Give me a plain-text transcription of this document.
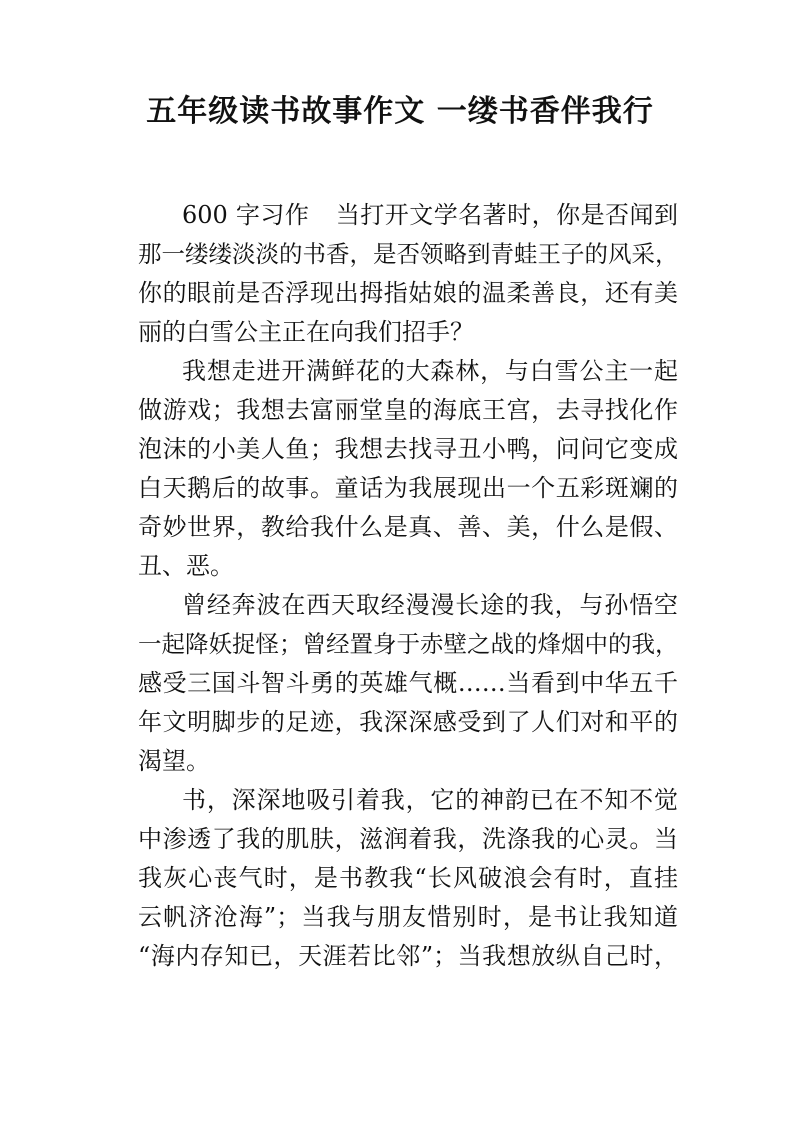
五年级读书故事作文 一缕书香伴我行
600 字习作 当打开文学名著时，你是否闻到
那一缕缕淡淡的书香，是否领略到青蛙王子的风采，
你的眼前是否浮现出拇指姑娘的温柔善良，还有美
丽的白雪公主正在向我们招手？
我想走进开满鲜花的大森林，与白雪公主一起
做游戏；我想去富丽堂皇的海底王宫，去寻找化作
泡沫的小美人鱼；我想去找寻丑小鸭，问问它变成
白天鹅后的故事。童话为我展现出一个五彩斑斓的
奇妙世界，教给我什么是真、善、美，什么是假、
丑、恶。
曾经奔波在西天取经漫漫长途的我，与孙悟空
一起降妖捉怪；曾经置身于赤壁之战的烽烟中的我，
感受三国斗智斗勇的英雄气概……当看到中华五千
年文明脚步的足迹，我深深感受到了人们对和平的
渴望。
书，深深地吸引着我，它的神韵已在不知不觉
中渗透了我的肌肤，滋润着我，洗涤我的心灵。当
我灰心丧气时，是书教我“长风破浪会有时，直挂
云帆济沧海”；当我与朋友惜别时，是书让我知道
“海内存知已，天涯若比邻”；当我想放纵自己时，
